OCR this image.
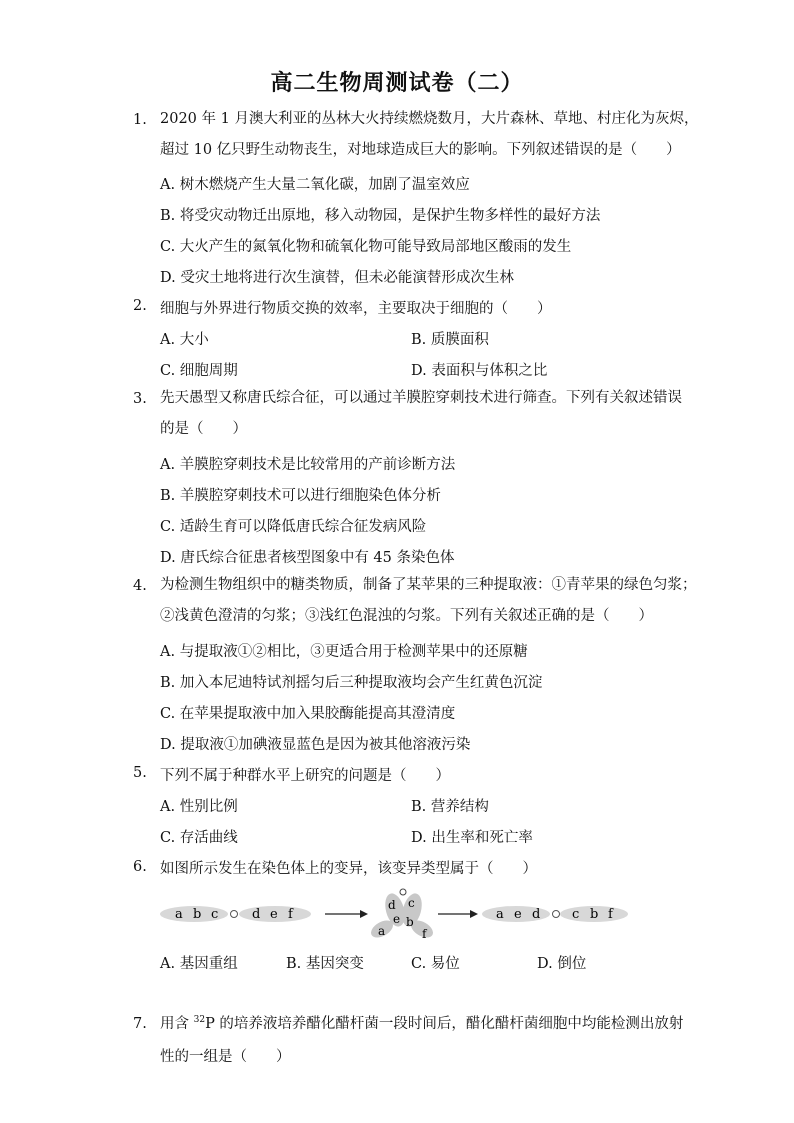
高二生物周测试卷（二）
1. 2020 年 1 月澳大利亚的丛林大火持续燃烧数月，大片森林、草地、村庄化为灰烬，
超过 10 亿只野生动物丧生，对地球造成巨大的影响。下列叙述错误的是（　　）
A. 树木燃烧产生大量二氧化碳，加剧了温室效应
B. 将受灾动物迁出原地，移入动物园，是保护生物多样性的最好方法
C. 大火产生的氮氧化物和硫氧化物可能导致局部地区酸雨的发生
D. 受灾土地将进行次生演替，但未必能演替形成次生林
2. 细胞与外界进行物质交换的效率，主要取决于细胞的（　　）
A. 大小	B. 质膜面积
C. 细胞周期	D. 表面积与体积之比
3. 先天愚型又称唐氏综合征，可以通过羊膜腔穿刺技术进行筛查。下列有关叙述错误
的是（　　）
A. 羊膜腔穿刺技术是比较常用的产前诊断方法
B. 羊膜腔穿刺技术可以进行细胞染色体分析
C. 适龄生育可以降低唐氏综合征发病风险
D. 唐氏综合征患者核型图象中有 45 条染色体
4. 为检测生物组织中的糖类物质，制备了某苹果的三种提取液：①青苹果的绿色匀浆；
②浅黄色澄清的匀浆；③浅红色混浊的匀浆。下列有关叙述正确的是（　　）
A. 与提取液①②相比，③更适合用于检测苹果中的还原糖
B. 加入本尼迪特试剂摇匀后三种提取液均会产生红黄色沉淀
C. 在苹果提取液中加入果胶酶能提高其澄清度
D. 提取液①加碘液显蓝色是因为被其他溶液污染
5. 下列不属于种群水平上研究的问题是（　　）
A. 性别比例	B. 营养结构
C. 存活曲线	D. 出生率和死亡率
6. 如图所示发生在染色体上的变异，该变异类型属于（　　）
a b c	d e f
d c
e b
a	f
a e d c b f
A. 基因重组	B. 基因突变	C. 易位	D. 倒位
7. 用含 $^{32}$P 的培养液培养醋化醋杆菌一段时间后，醋化醋杆菌细胞中均能检测出放射
性的一组是（　　）
